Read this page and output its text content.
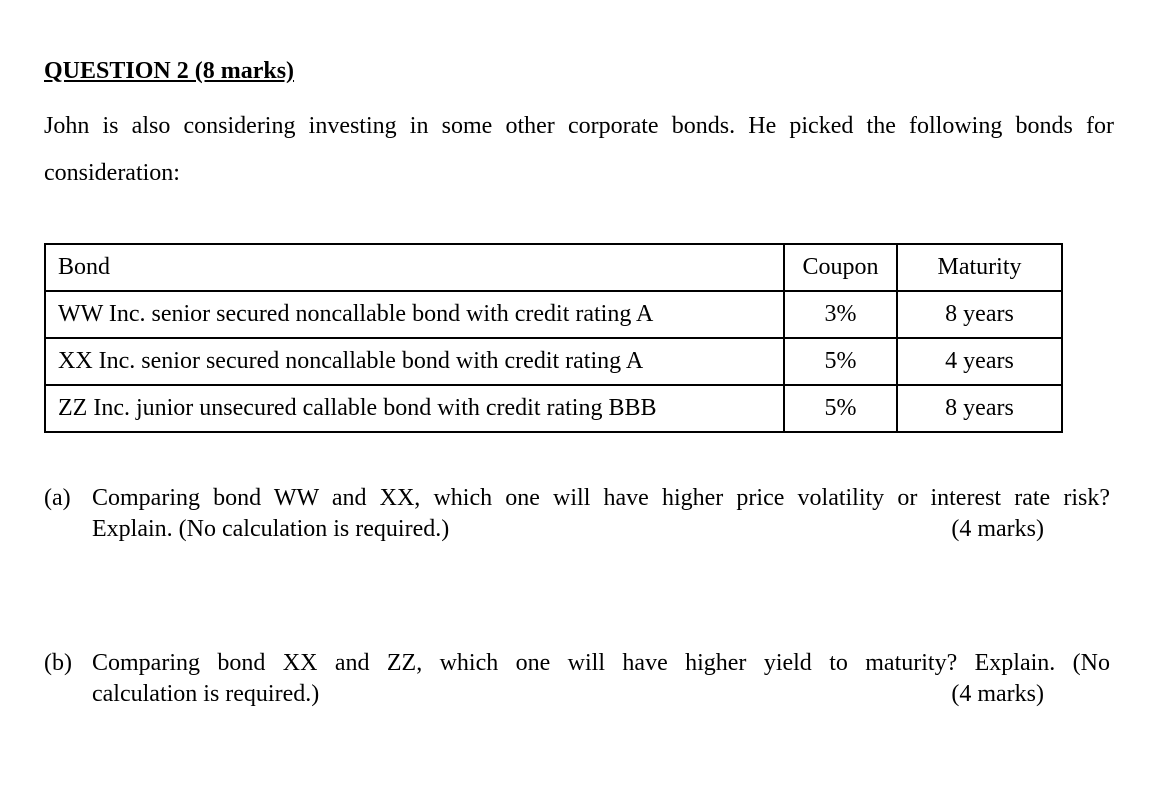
QUESTION 2 (8 marks)
John is also considering investing in some other corporate bonds. He picked the following bonds for consideration:
Bond	Coupon	Maturity
WW Inc. senior secured noncallable bond with credit rating A	3%	8 years
XX Inc. senior secured noncallable bond with credit rating A	5%	4 years
ZZ Inc. junior unsecured callable bond with credit rating BBB	5%	8 years
(a) Comparing bond WW and XX, which one will have higher price volatility or interest rate risk?
Explain. (No calculation is required.)	(4 marks)
(b) Comparing bond XX and ZZ, which one will have higher yield to maturity? Explain. (No
calculation is required.)	(4 marks)
